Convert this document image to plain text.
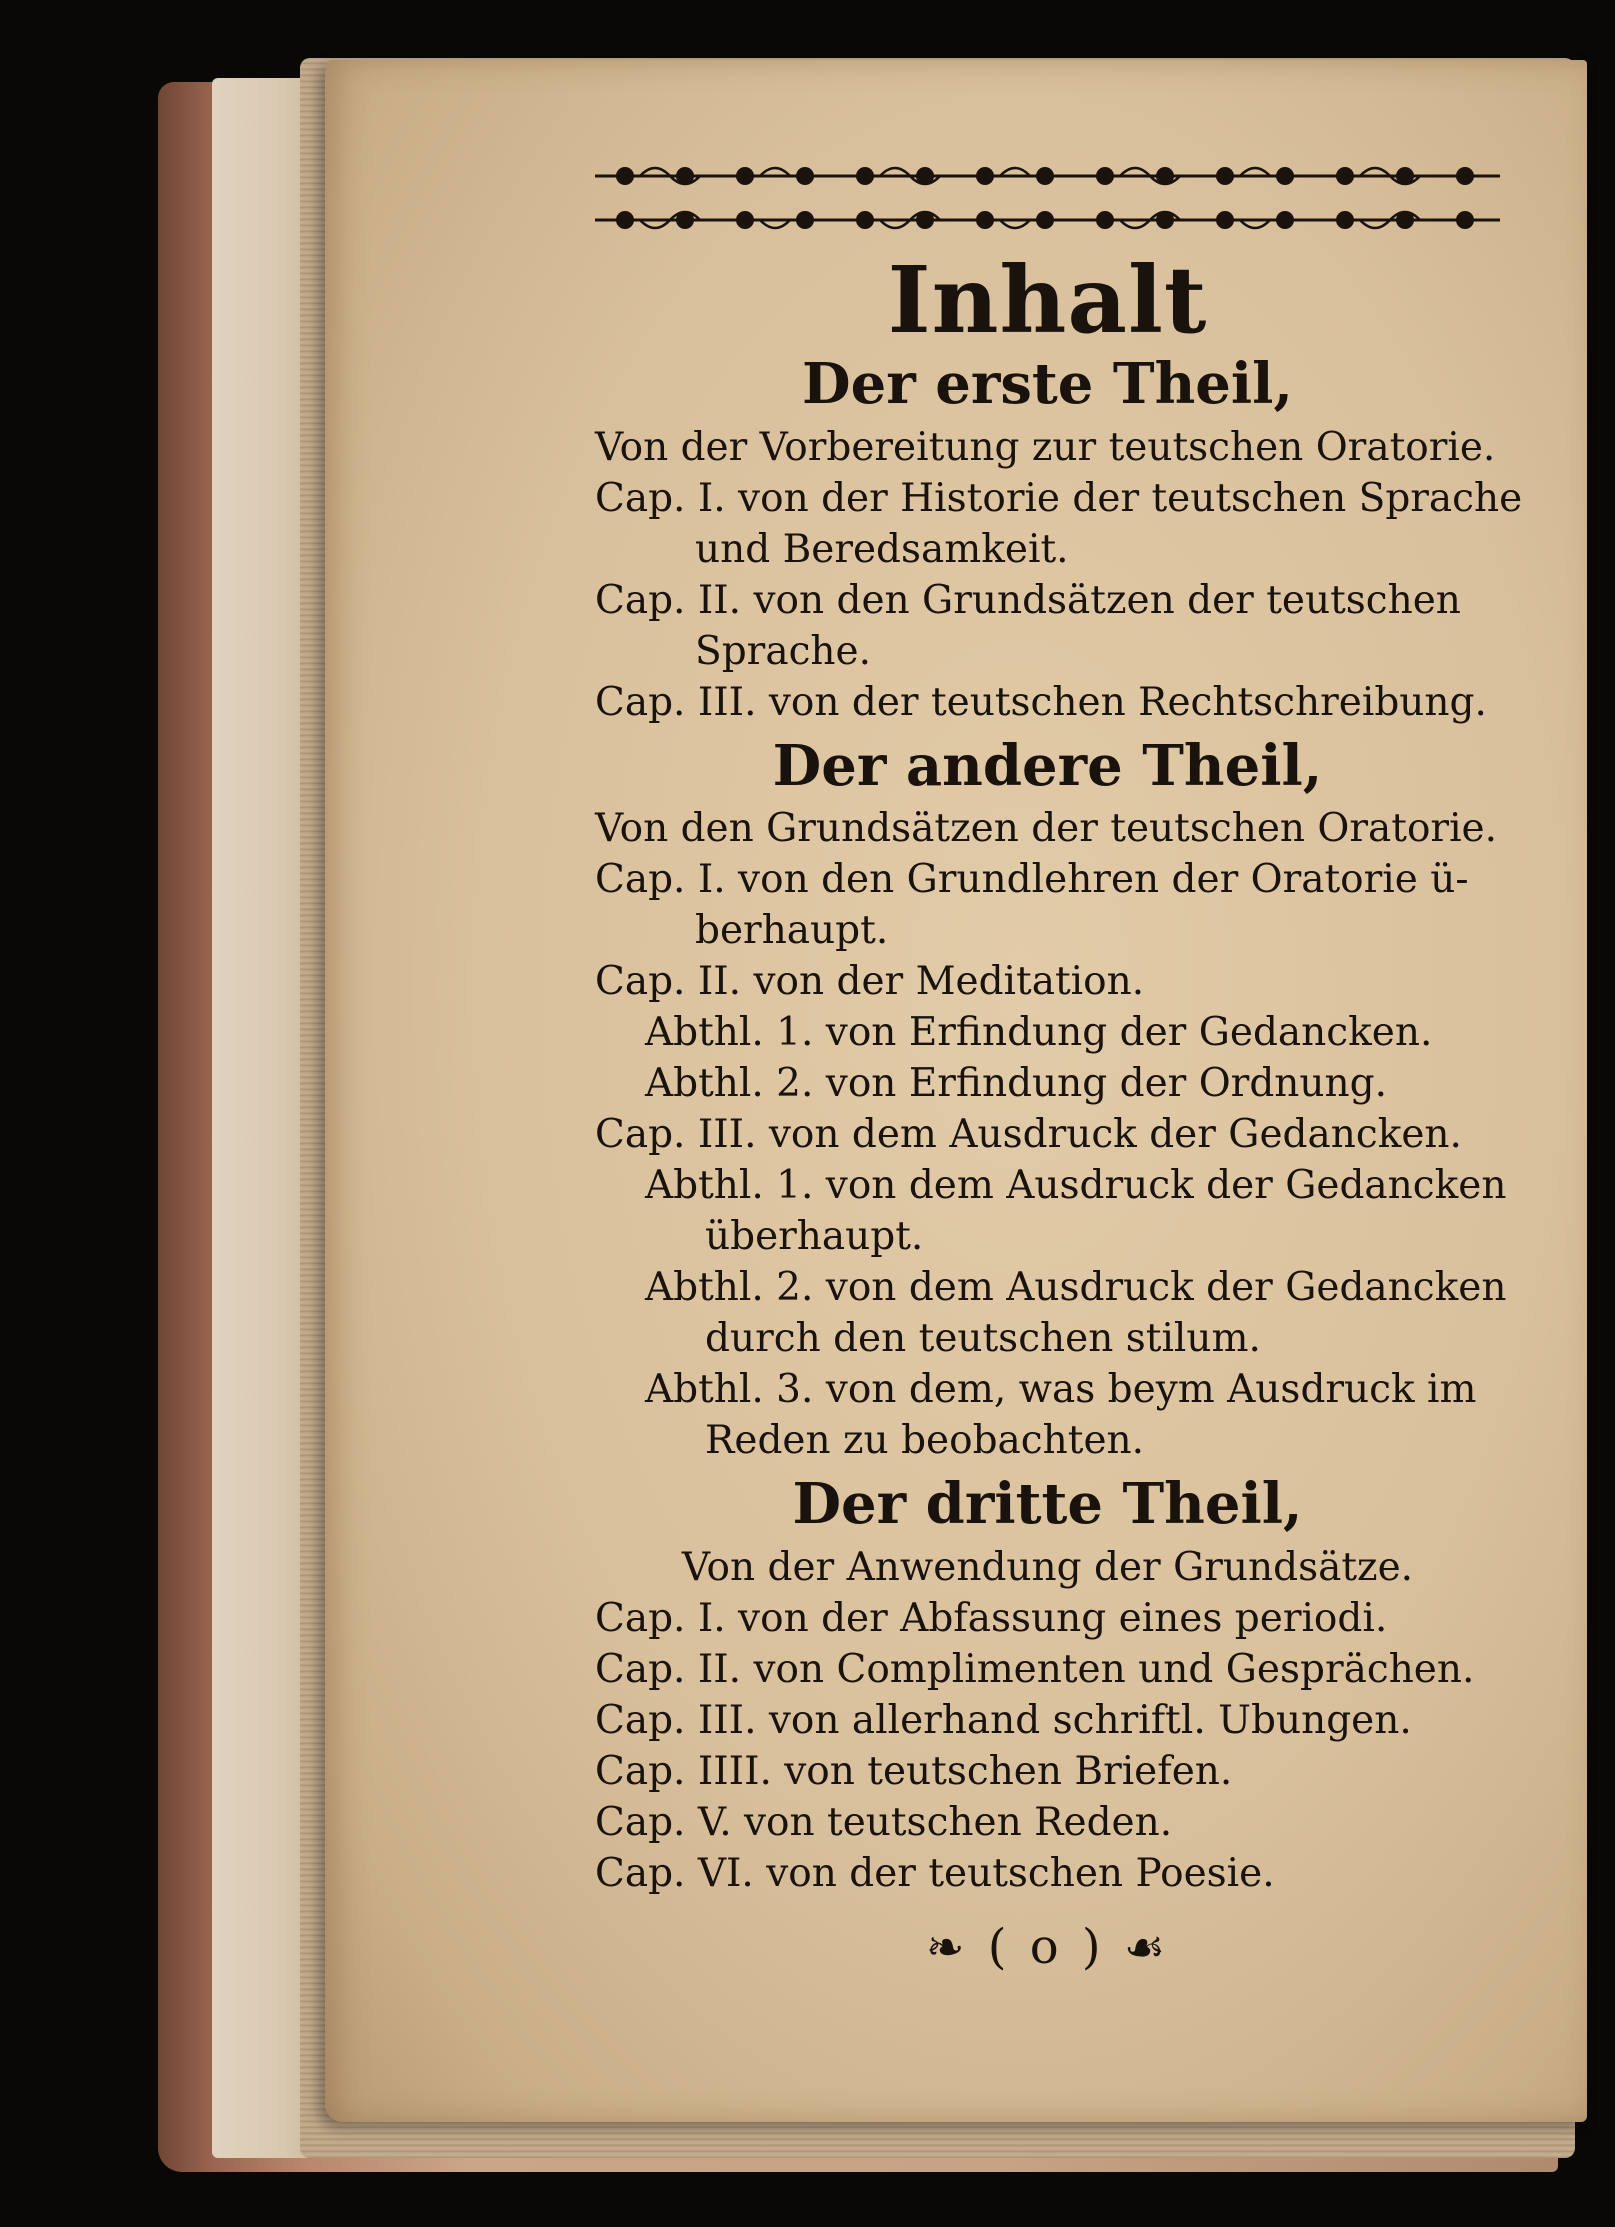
Inhalt
Der erste Theil,
Von der Vorbereitung zur teutschen Oratorie.
Cap. I. von der Historie der teutschen Sprache
und Beredsamkeit.
Cap. II. von den Grundsätzen der teutschen
Sprache.
Cap. III. von der teutschen Rechtschreibung.
Der andere Theil,
Von den Grundsätzen der teutschen Oratorie.
Cap. I. von den Grundlehren der Oratorie ü-
berhaupt.
Cap. II. von der Meditation.
Abthl. 1. von Erfindung der Gedancken.
Abthl. 2. von Erfindung der Ordnung.
Cap. III. von dem Ausdruck der Gedancken.
Abthl. 1. von dem Ausdruck der Gedancken
überhaupt.
Abthl. 2. von dem Ausdruck der Gedancken
durch den teutschen stilum.
Abthl. 3. von dem, was beym Ausdruck im
Reden zu beobachten.
Der dritte Theil,
Von der Anwendung der Grundsätze.
Cap. I. von der Abfassung eines periodi.
Cap. II. von Complimenten und Gesprächen.
Cap. III. von allerhand schriftl. Ubungen.
Cap. IIII. von teutschen Briefen.
Cap. V. von teutschen Reden.
Cap. VI. von der teutschen Poesie.
❧ ( o ) ☙
